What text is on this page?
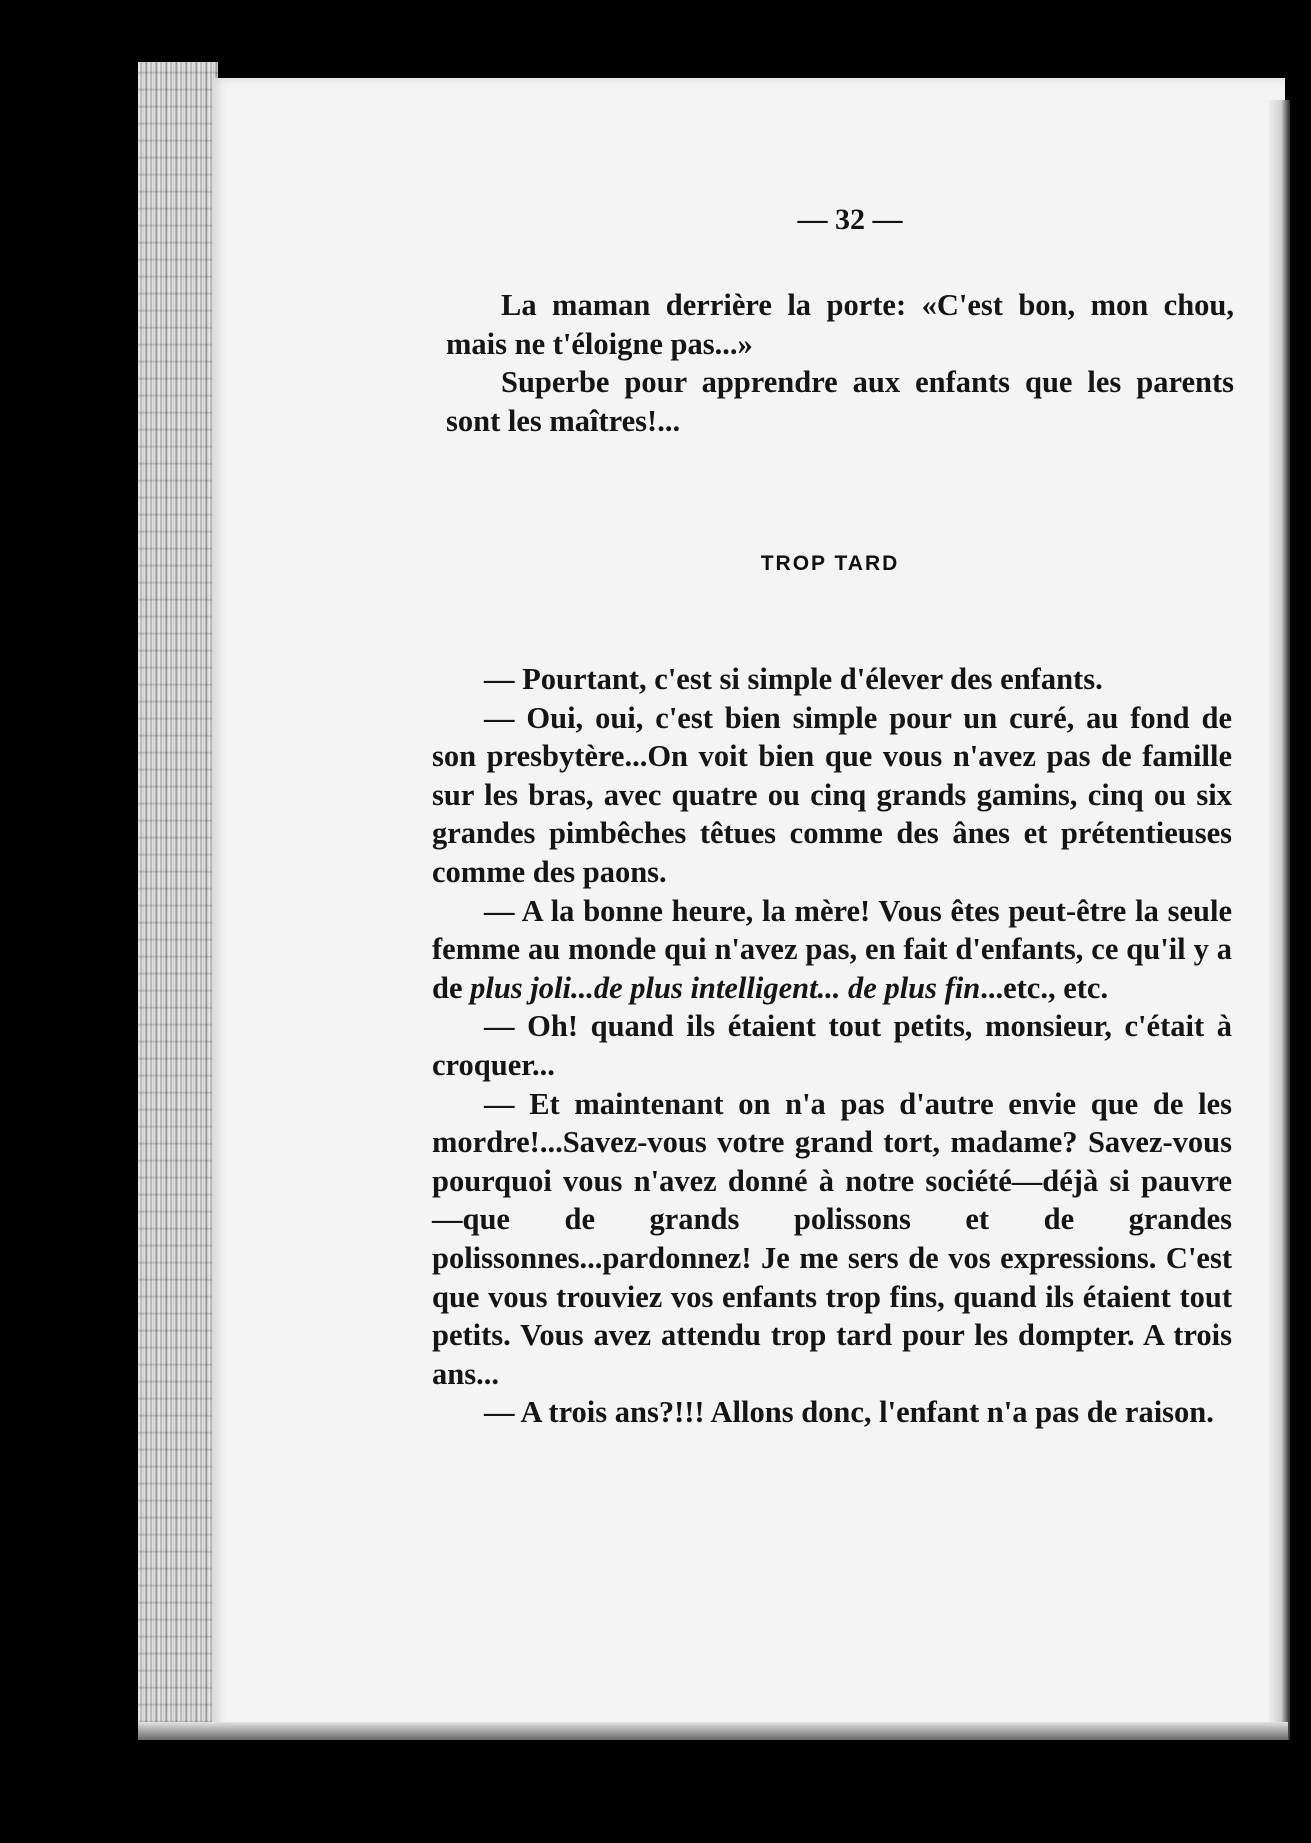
— 32 —

La maman derrière la porte: «C'est bon, mon chou, mais ne t'éloigne pas...»

Superbe pour apprendre aux enfants que les parents sont les maîtres!...

TROP TARD

— Pourtant, c'est si simple d'élever des enfants.

— Oui, oui, c'est bien simple pour un curé, au fond de son presbytère...On voit bien que vous n'avez pas de famille sur les bras, avec quatre ou cinq grands gamins, cinq ou six grandes pimbêches têtues comme des ânes et prétentieuses comme des paons.

— A la bonne heure, la mère! Vous êtes peut-être la seule femme au monde qui n'avez pas, en fait d'enfants, ce qu'il y a de plus joli...de plus intelligent... de plus fin...etc., etc.

— Oh! quand ils étaient tout petits, monsieur, c'était à croquer...

— Et maintenant on n'a pas d'autre envie que de les mordre!...Savez-vous votre grand tort, madame? Savez-vous pourquoi vous n'avez donné à notre société—déjà si pauvre—que de grands polissons et de grandes polissonnes...pardonnez! Je me sers de vos expressions. C'est que vous trouviez vos enfants trop fins, quand ils étaient tout petits. Vous avez attendu trop tard pour les dompter. A trois ans...

— A trois ans?!!! Allons donc, l'enfant n'a pas de raison.
